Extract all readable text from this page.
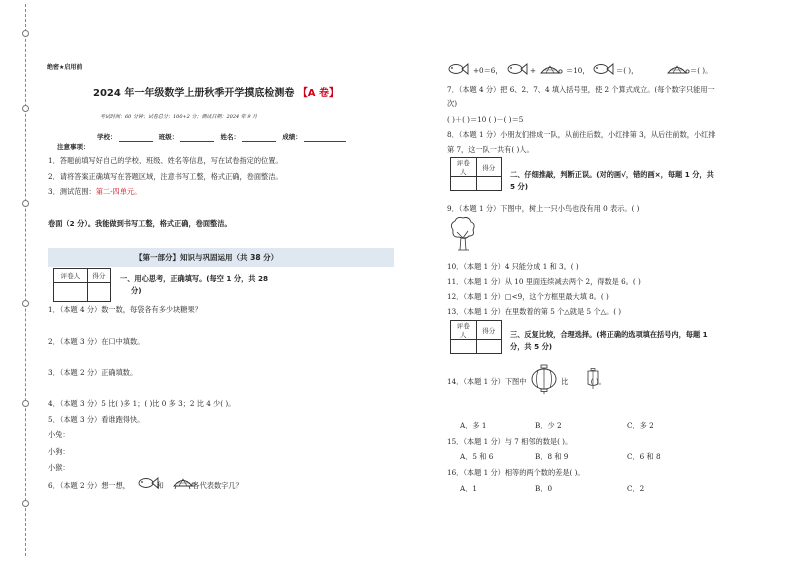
绝密★启用前
2024 年一年级数学上册秋季开学摸底检测卷 【A 卷】
考试时间：60 分钟；试卷总分：100+2 分；测试日期：2024 年 9 月
学校：	班级：	姓名：	成绩：
注意事项：
1．答题前填写好自己的学校、班级、姓名等信息，写在试卷指定的位置。
2．请将答案正确填写在答题区域，注意书写工整，格式正确，卷面整洁。
3．测试范围：第二-四单元。
卷面（2 分）。我能做到书写工整，格式正确，卷面整洁。
【第一部分】知识与巩固运用（共 38 分）
评卷人	得分
	一、用心思考，正确填写。(每空 1 分，共 28
分)
1．（本题 4 分）数一数，每袋各有多少块糖果？
2．（本题 3 分）在口中填数。
3．（本题 2 分）正确填数。
4．（本题 3 分）5 比( )多 1；( )比 0 多 3；2 比 4 少( )。
5．（本题 3 分）看谁跑得快。
小兔：
小狗：
小猴：
6．（本题 2 分）想一想，	和	各代表数字几？
+0＝6，	+	＝10，	＝( )，	＝( )。
7．（本题 4 分）把 6、2、7、4 填入括号里，使 2 个算式成立。(每个数字只能用一
次)
( )＋( )＝10 ( )－( )＝5
8．（本题 1 分）小朋友们排成一队，从前往后数，小红排第 3，从后往前数，小红排
第 7，这一队一共有( )人。
评卷
人	得分

二、仔细推敲，判断正误。(对的画√，错的画×，每题 1 分，共
5 分)
9．（本题 1 分）下图中，树上一只小鸟也没有用 0 表示。( )
10．（本题 1 分）4 只能分成 1 和 3。( )
11．（本题 1 分）从 10 里面连续减去两个 2，得数是 6。( )
12．（本题 1 分）□<9，这个方框里最大填 8。( )
13．（本题 1 分）在里数着的第 5 个△就是 5 个△。( )
评卷
人	得分
	三、反复比较，合理选择。(将正确的选项填在括号内，每题 1
分，共 5 分)
14．（本题 1 分）下图中	比	( )。
A．多 1	B．少 2	C．多 2
15．（本题 1 分）与 7 相邻的数是( )。
A．5 和 6	B．8 和 9	C．6 和 8
16．（本题 1 分）相等的两个数的差是( )。
A．1	B．0	C．2
